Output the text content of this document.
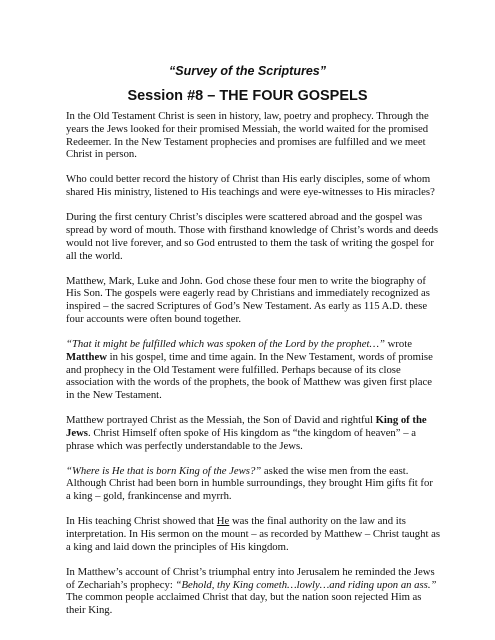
“Survey of the Scriptures”

Session #8 – THE FOUR GOSPELS

In the Old Testament Christ is seen in history, law, poetry and prophecy. Through the years the Jews looked for their promised Messiah, the world waited for the promised Redeemer. In the New Testament prophecies and promises are fulfilled and we meet Christ in person.

Who could better record the history of Christ than His early disciples, some of whom shared His ministry, listened to His teachings and were eye-witnesses to His miracles?

During the first century Christ’s disciples were scattered abroad and the gospel was spread by word of mouth. Those with firsthand knowledge of Christ’s words and deeds would not live forever, and so God entrusted to them the task of writing the gospel for all the world.

Matthew, Mark, Luke and John. God chose these four men to write the biography of His Son. The gospels were eagerly read by Christians and immediately recognized as inspired – the sacred Scriptures of God’s New Testament. As early as 115 A.D. these four accounts were often bound together.

“That it might be fulfilled which was spoken of the Lord by the prophet…” wrote Matthew in his gospel, time and time again. In the New Testament, words of promise and prophecy in the Old Testament were fulfilled. Perhaps because of its close association with the words of the prophets, the book of Matthew was given first place in the New Testament.

Matthew portrayed Christ as the Messiah, the Son of David and rightful King of the Jews. Christ Himself often spoke of His kingdom as “the kingdom of heaven” – a phrase which was perfectly understandable to the Jews.

“Where is He that is born King of the Jews?” asked the wise men from the east. Although Christ had been born in humble surroundings, they brought Him gifts fit for a king – gold, frankincense and myrrh.

In His teaching Christ showed that He was the final authority on the law and its interpretation. In His sermon on the mount – as recorded by Matthew – Christ taught as a king and laid down the principles of His kingdom.

In Matthew’s account of Christ’s triumphal entry into Jerusalem he reminded the Jews of Zechariah’s prophecy: “Behold, thy King cometh…lowly…and riding upon an ass.” The common people acclaimed Christ that day, but the nation soon rejected Him as their King.
